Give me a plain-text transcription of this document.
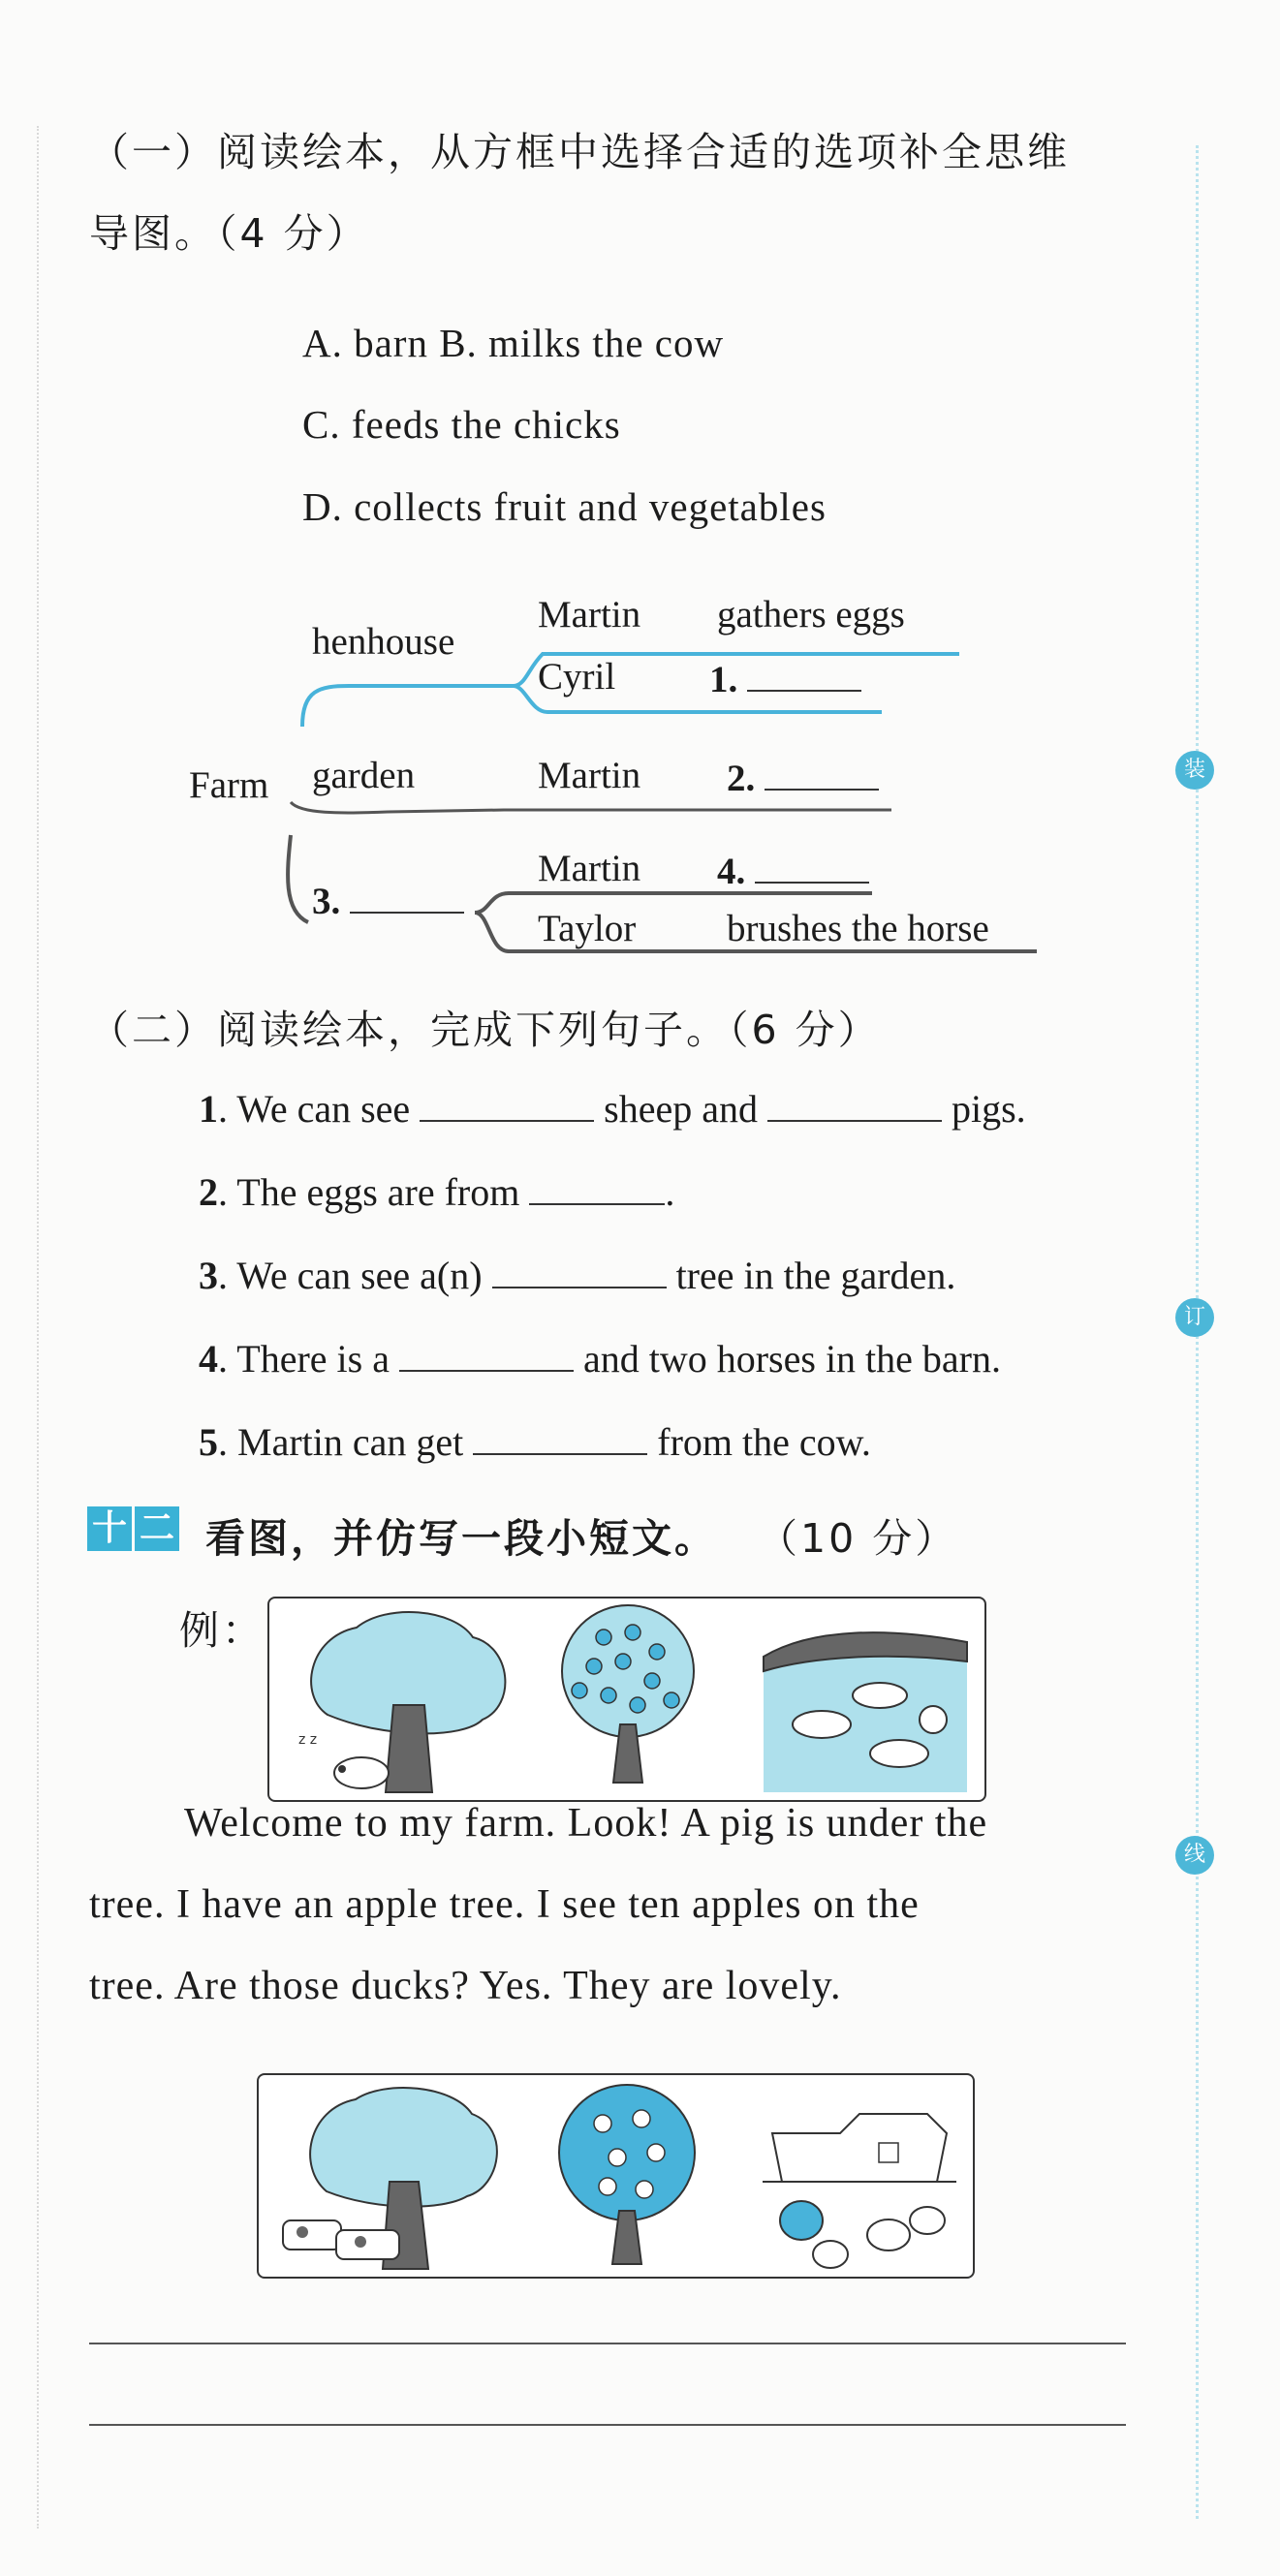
装
订
线
（一）阅读绘本，从方框中选择合适的选项补全思维
导图。（4 分）
A. barn B. milks the cow
C. feeds the chicks
D. collects fruit and vegetables
henhouse
Martin gathers eggs
Cyril 1.
Farm garden	Martin 2.
3.
Martin 4.
Taylor brushes the horse
（二）阅读绘本，完成下列句子。（6 分）
1. We can see	sheep and	pigs.
2. The eggs are from	.
3. We can see a(n)	tree in the garden.
4. There is a	and two horses in the barn.
5. Martin can get	from the cow.
十 二 看图，并仿写一段小短文。 （10 分）
例：
z z
Welcome to my farm. Look! A pig is under the
tree. I have an apple tree. I see ten apples on the
tree. Are those ducks? Yes. They are lovely.
